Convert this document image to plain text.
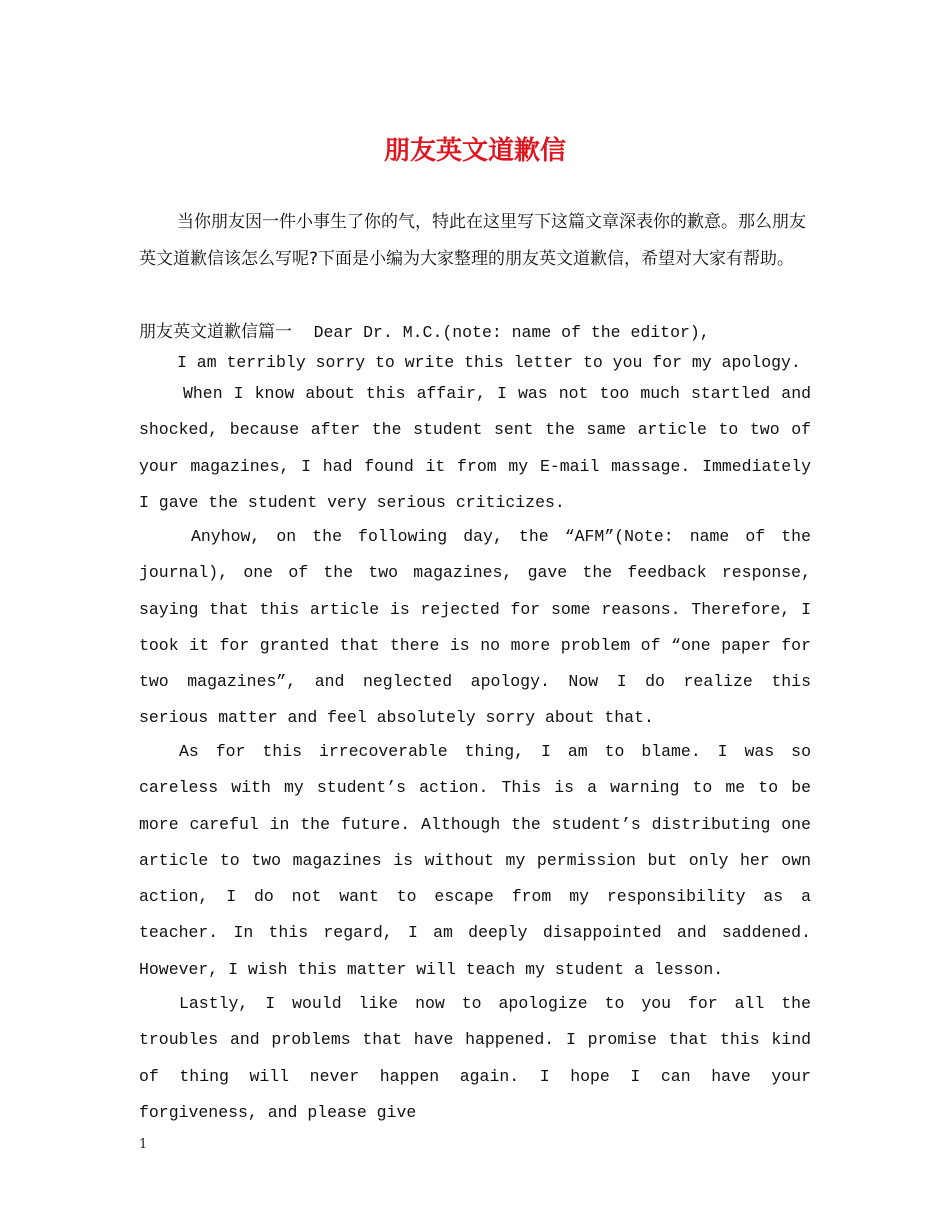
朋友英文道歉信
当你朋友因一件小事生了你的气，特此在这里写下这篇文章深表你的歉意。那么朋友英文道歉信该怎么写呢?下面是小编为大家整理的朋友英文道歉信，希望对大家有帮助。
朋友英文道歉信篇一 Dear Dr. M.C.(note: name of the editor),
I am terribly sorry to write this letter to you for my apology.
When I know about this affair, I was not too much startled and shocked, because after the student sent the same article to two of your magazines, I had found it from my E-mail massage. Immediately I gave the student very serious criticizes.
Anyhow, on the following day, the “AFM”(Note: name of the journal), one of the two magazines, gave the feedback response, saying that this article is rejected for some reasons. Therefore, I took it for granted that there is no more problem of “one paper for two magazines”, and neglected apology. Now I do realize this serious matter and feel absolutely sorry about that.
As for this irrecoverable thing, I am to blame. I was so careless with my student’s action. This is a warning to me to be more careful in the future. Although the student’s distributing one article to two magazines is without my permission but only her own action, I do not want to escape from my responsibility as a teacher. In this regard, I am deeply disappointed and saddened. However, I wish this matter will teach my student a lesson.
Lastly, I would like now to apologize to you for all the troubles and problems that have happened. I promise that this kind of thing will never happen again. I hope I can have your forgiveness, and please give
1
